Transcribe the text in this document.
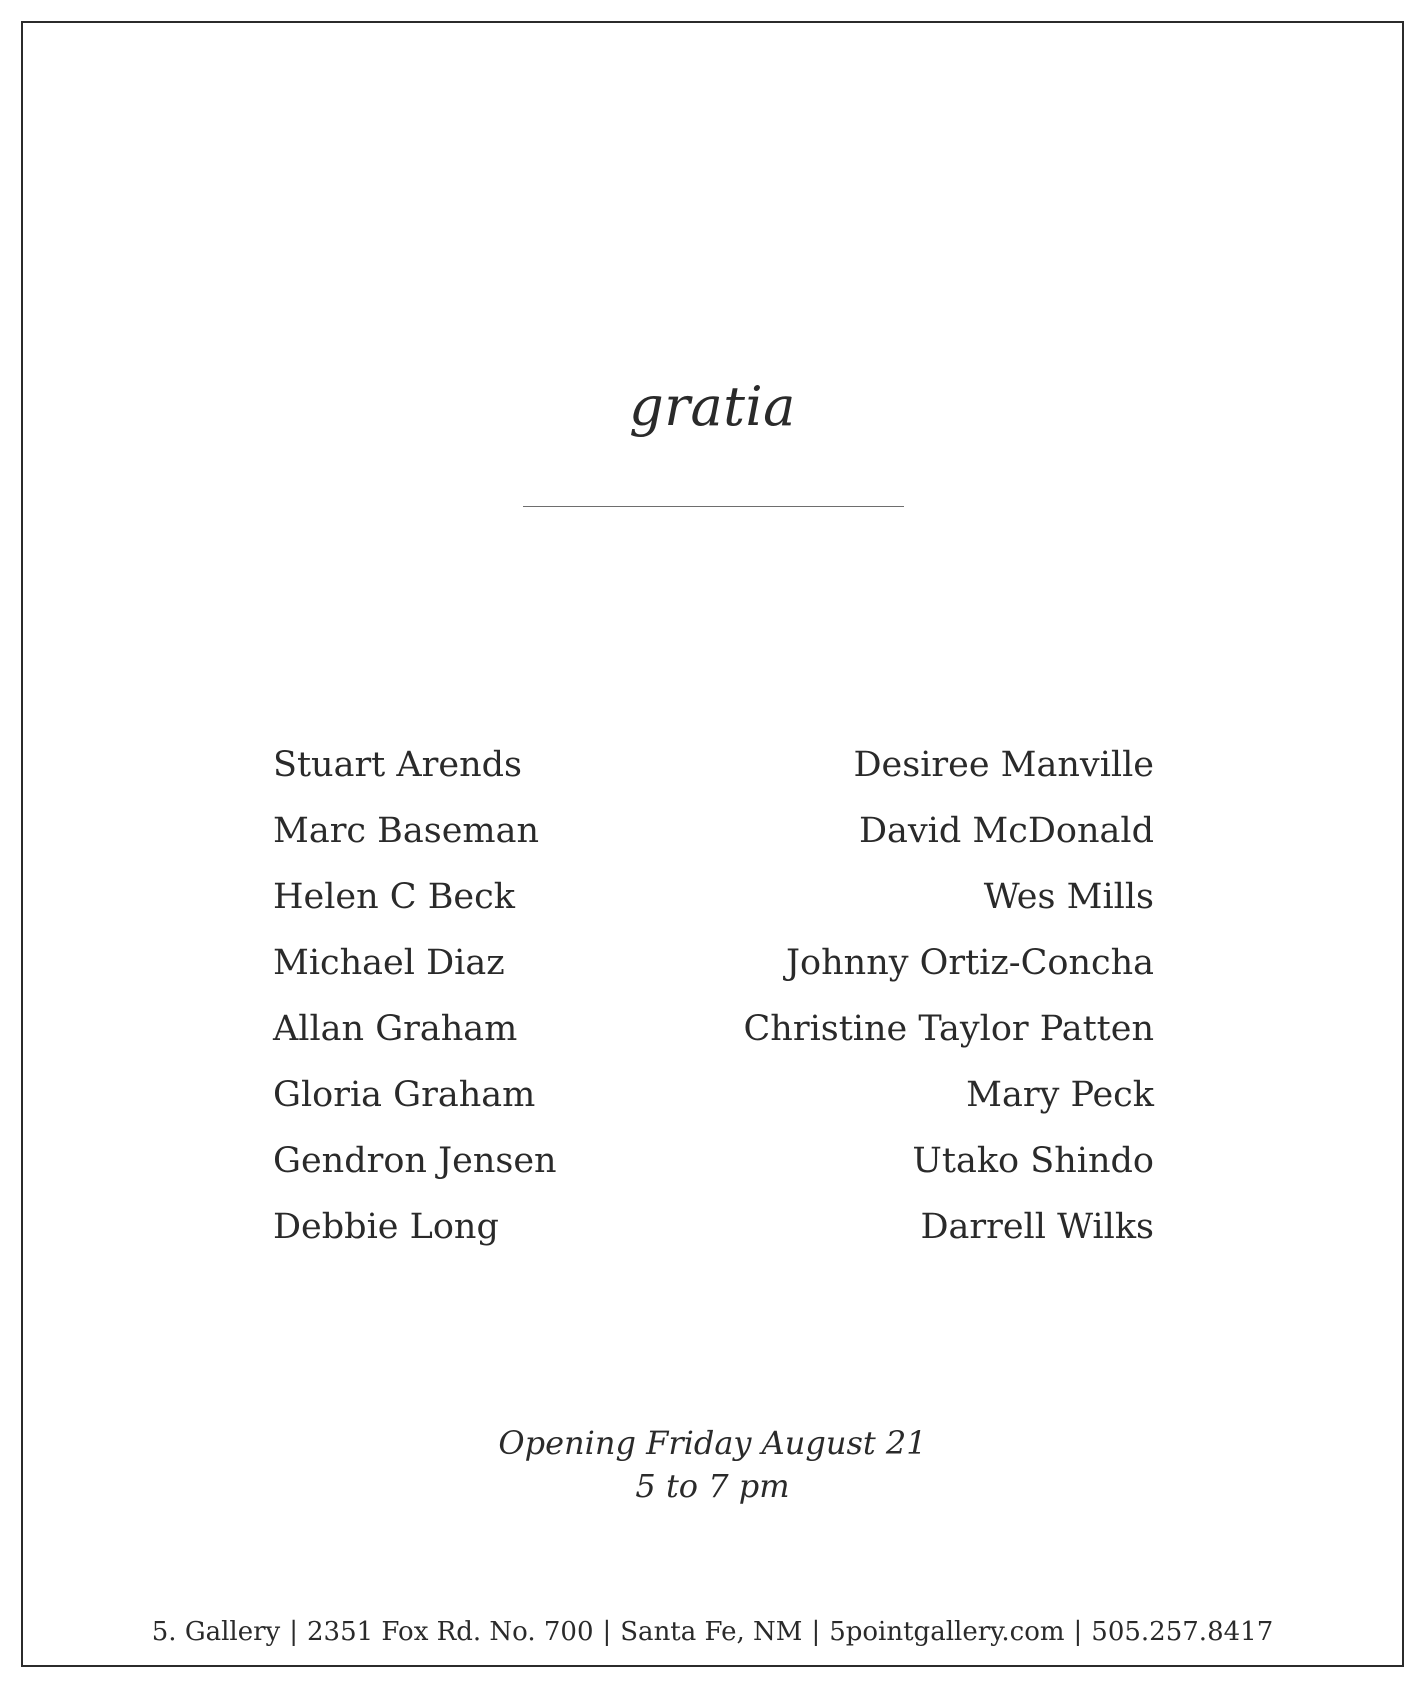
gratia
Stuart Arends
Marc Baseman
Helen C Beck
Michael Diaz
Allan Graham
Gloria Graham
Gendron Jensen
Debbie Long
Desiree Manville
David McDonald
Wes Mills
Johnny Ortiz-Concha
Christine Taylor Patten
Mary Peck
Utako Shindo
Darrell Wilks
Opening Friday August 21
5 to 7 pm
5. Gallery | 2351 Fox Rd. No. 700 | Santa Fe, NM | 5pointgallery.com | 505.257.8417
